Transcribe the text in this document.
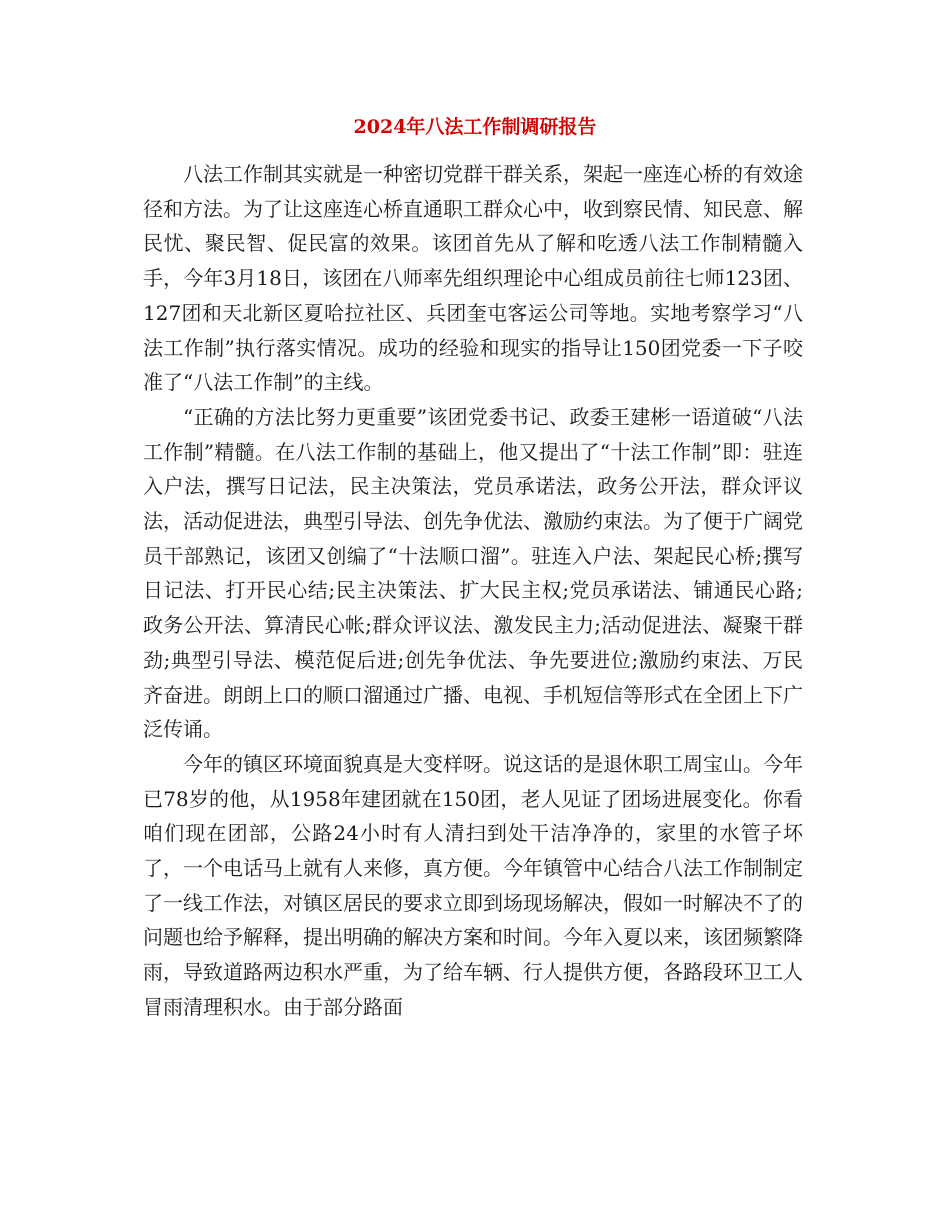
2024年八法工作制调研报告

八法工作制其实就是一种密切党群干群关系，架起一座连心桥的有效途径和方法。为了让这座连心桥直通职工群众心中，收到察民情、知民意、解民忧、聚民智、促民富的效果。该团首先从了解和吃透八法工作制精髓入手，今年3月18日，该团在八师率先组织理论中心组成员前往七师123团、127团和天北新区夏哈拉社区、兵团奎屯客运公司等地。实地考察学习“八法工作制”执行落实情况。成功的经验和现实的指导让150团党委一下子咬准了“八法工作制”的主线。

“正确的方法比努力更重要”该团党委书记、政委王建彬一语道破“八法工作制”精髓。在八法工作制的基础上，他又提出了“十法工作制”即：驻连入户法，撰写日记法，民主决策法，党员承诺法，政务公开法，群众评议法，活动促进法，典型引导法、创先争优法、激励约束法。为了便于广阔党员干部熟记，该团又创编了“十法顺口溜”。驻连入户法、架起民心桥;撰写日记法、打开民心结;民主决策法、扩大民主权;党员承诺法、铺通民心路;政务公开法、算清民心帐;群众评议法、激发民主力;活动促进法、凝聚干群劲;典型引导法、模范促后进;创先争优法、争先要进位;激励约束法、万民齐奋进。朗朗上口的顺口溜通过广播、电视、手机短信等形式在全团上下广泛传诵。

今年的镇区环境面貌真是大变样呀。说这话的是退休职工周宝山。今年已78岁的他，从1958年建团就在150团，老人见证了团场进展变化。你看咱们现在团部，公路24小时有人清扫到处干洁净净的，家里的水管子坏了，一个电话马上就有人来修，真方便。今年镇管中心结合八法工作制制定了一线工作法，对镇区居民的要求立即到场现场解决，假如一时解决不了的问题也给予解释，提出明确的解决方案和时间。今年入夏以来，该团频繁降雨，导致道路两边积水严重，为了给车辆、行人提供方便，各路段环卫工人冒雨清理积水。由于部分路面
